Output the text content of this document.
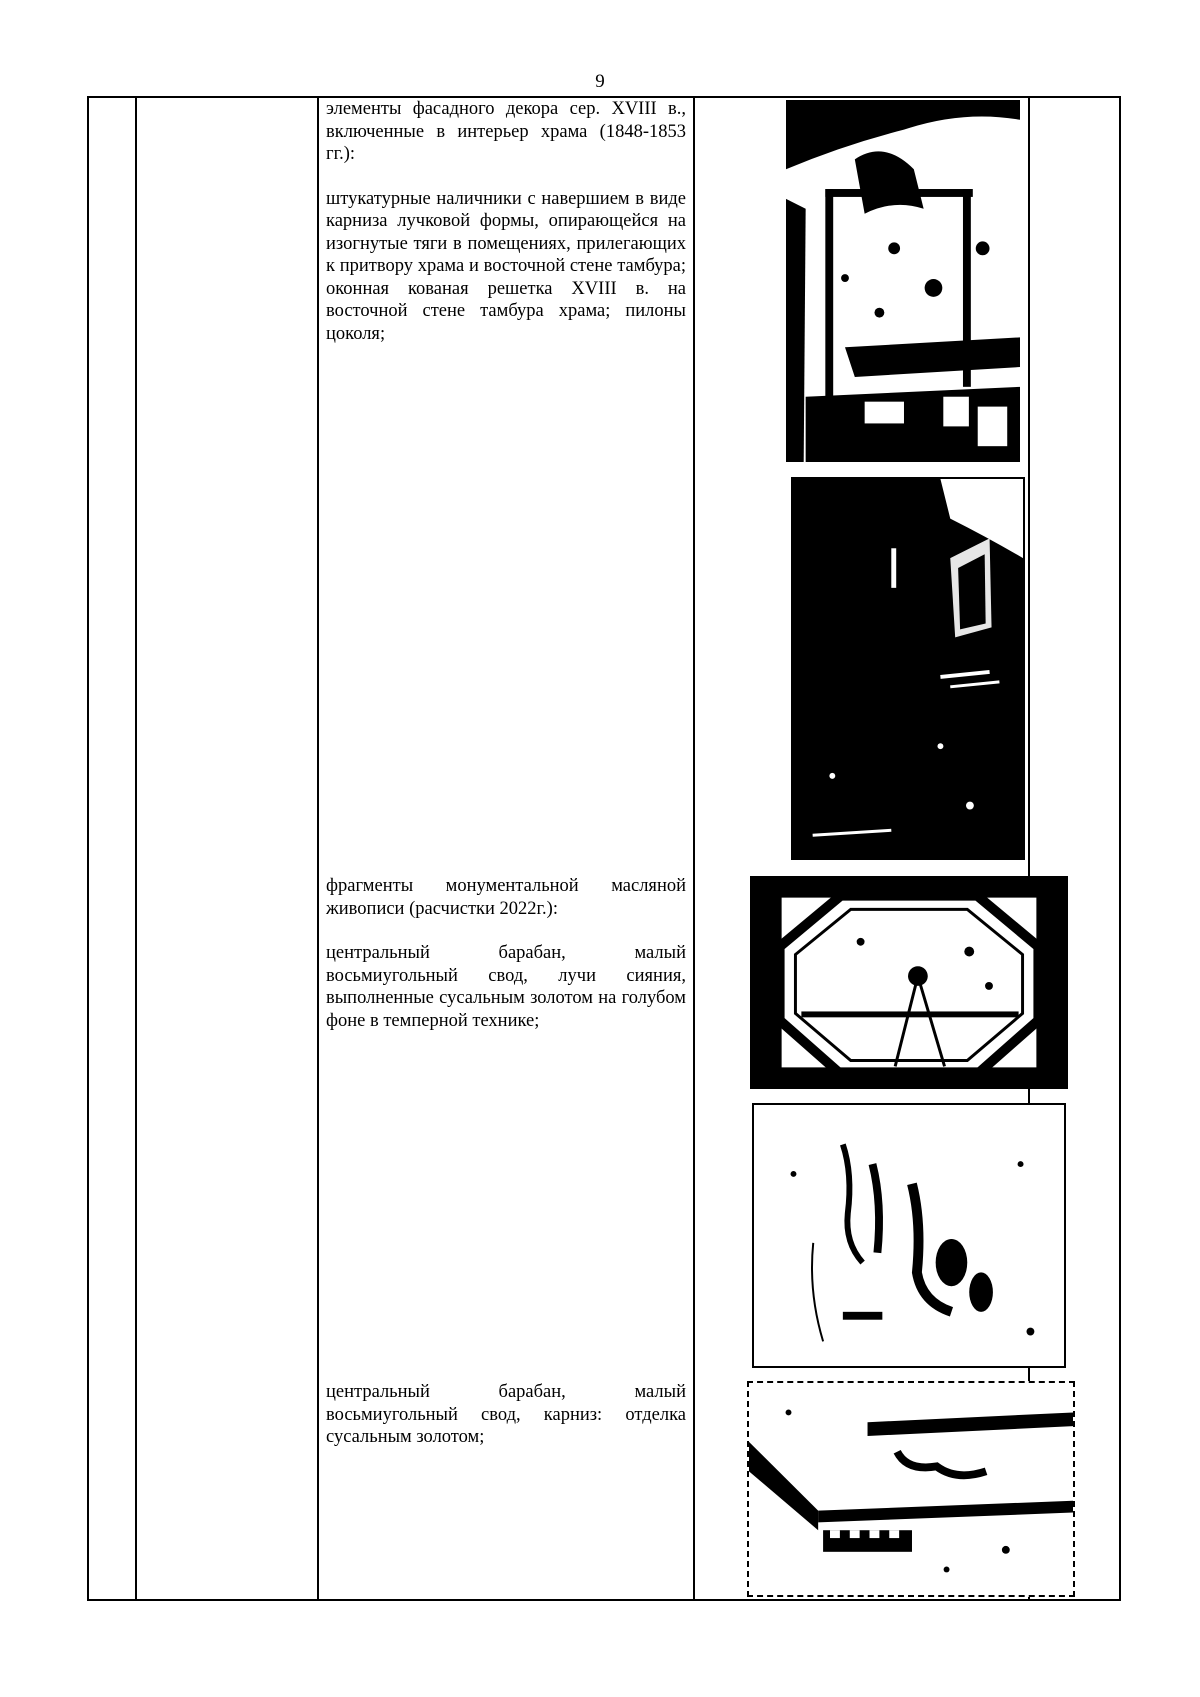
9

элементы фасадного декора сер. XVIII в., включенные в интерьер храма (1848-1853 гг.):

штукатурные наличники с навершием в виде карниза лучковой формы, опирающейся на изогнутые тяги в помещениях, прилегающих к притвору храма и восточной стене тамбура; оконная кованая решетка XVIII в. на восточной стене тамбура храма; пилоны цоколя;

фрагменты монументальной масляной живописи (расчистки 2022г.):

центральный барабан, малый восьмиугольный свод, лучи сияния, выполненные сусальным золотом на голубом фоне в темперной технике;

центральный барабан, малый восьмиугольный свод, карниз: отделка сусальным золотом;
